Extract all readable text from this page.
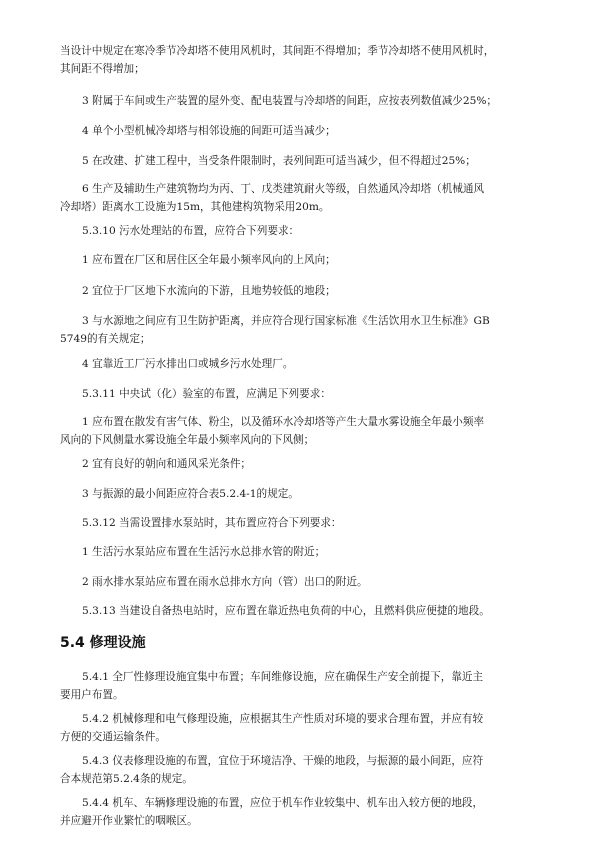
当设计中规定在寒冷季节冷却塔不使用风机时，其间距不得增加；季节冷却塔不使用风机时，
其间距不得增加；

3 附属于车间或生产装置的屋外变、配电装置与冷却塔的间距，应按表列数值减少25%；

4 单个小型机械冷却塔与相邻设施的间距可适当减少；

5 在改建、扩建工程中，当受条件限制时，表列间距可适当减少，但不得超过25%；

6 生产及辅助生产建筑物均为丙、丁、戊类建筑耐火等级，自然通风冷却塔（机械通风

冷却塔）距离水工设施为15m，其他建构筑物采用20m。

5.3.10 污水处理站的布置，应符合下列要求：

1 应布置在厂区和居住区全年最小频率风向的上风向；

2 宜位于厂区地下水流向的下游，且地势较低的地段；

3 与水源地之间应有卫生防护距离，并应符合现行国家标准《生活饮用水卫生标准》GB

5749的有关规定；

4 宜靠近工厂污水排出口或城乡污水处理厂。

5.3.11 中央试（化）验室的布置，应满足下列要求：

1 应布置在散发有害气体、粉尘，以及循环水冷却塔等产生大量水雾设施全年最小频率

风向的下风侧量水雾设施全年最小频率风向的下风侧；

2 宜有良好的朝向和通风采光条件；

3 与振源的最小间距应符合表5.2.4-1的规定。

5.3.12 当需设置排水泵站时，其布置应符合下列要求：

1 生活污水泵站应布置在生活污水总排水管的附近；

2 雨水排水泵站应布置在雨水总排水方向（管）出口的附近。

5.3.13 当建设自备热电站时，应布置在靠近热电负荷的中心，且燃料供应便捷的地段。

5.4 修理设施

5.4.1 全厂性修理设施宜集中布置；车间维修设施，应在确保生产安全前提下，靠近主

要用户布置。

5.4.2 机械修理和电气修理设施，应根据其生产性质对环境的要求合理布置，并应有较

方便的交通运输条件。

5.4.3 仪表修理设施的布置，宜位于环境洁净、干燥的地段，与振源的最小间距，应符

合本规范第5.2.4条的规定。

5.4.4 机车、车辆修理设施的布置，应位于机车作业较集中、机车出入较方便的地段，

并应避开作业繁忙的咽喉区。
